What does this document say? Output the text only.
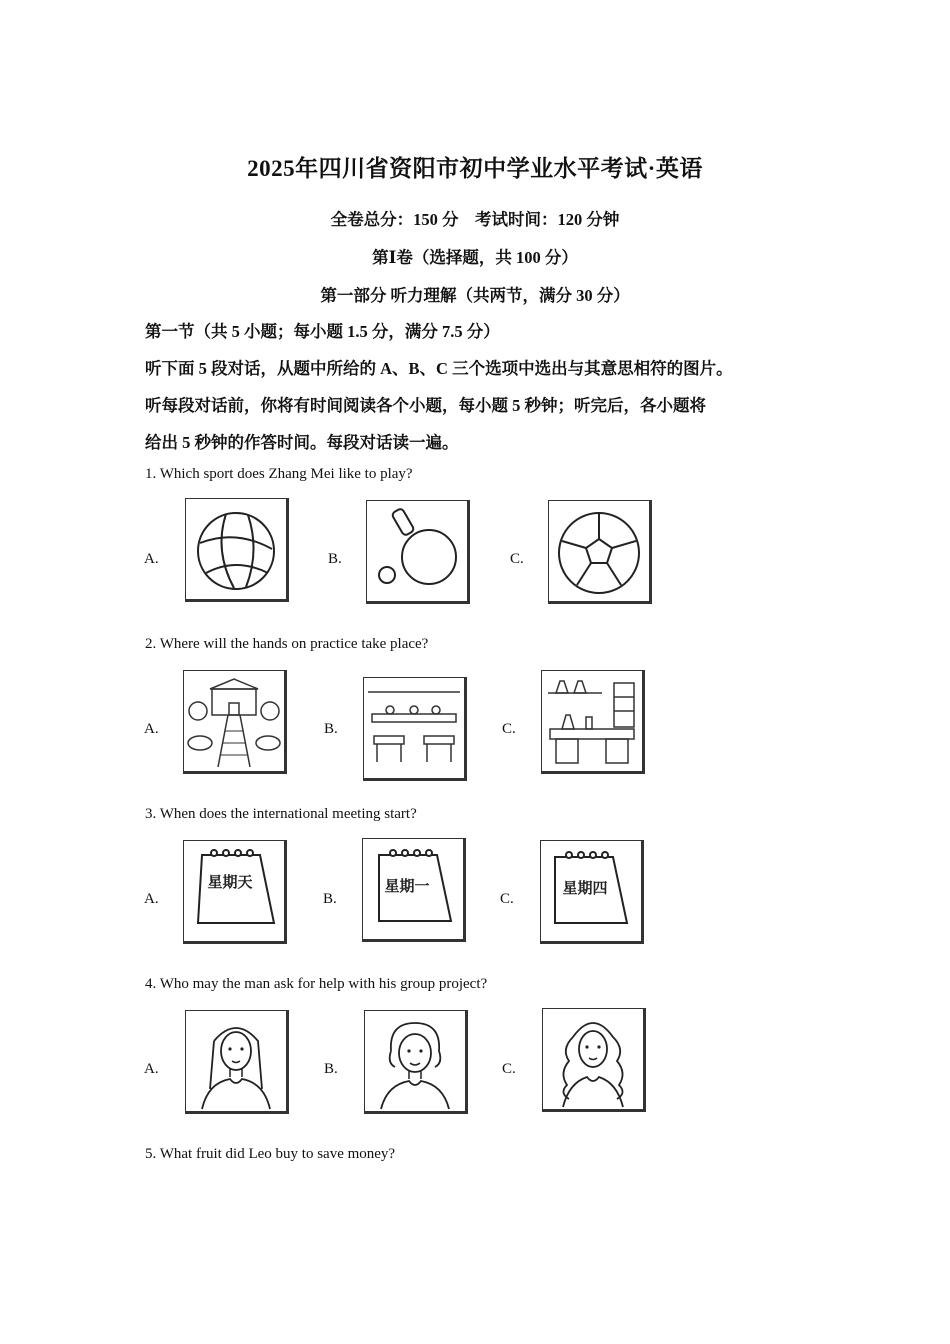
2025年四川省资阳市初中学业水平考试·英语
全卷总分：150 分　考试时间：120 分钟
第Ⅰ卷（选择题，共 100 分）
第一部分 听力理解（共两节，满分 30 分）
第一节（共 5 小题；每小题 1.5 分，满分 7.5 分）
听下面 5 段对话，从题中所给的 A、B、C 三个选项中选出与其意思相符的图片。
听每段对话前，你将有时间阅读各个小题，每小题 5 秒钟；听完后，各小题将
给出 5 秒钟的作答时间。每段对话读一遍。
1. Which sport does Zhang Mei like to play?
A.	B.	C.
2. Where will the hands on practice take place?
A.	B.	C.
3. When does the international meeting start?
A.
星期天
B.
星期一
C.
星期四
4. Who may the man ask for help with his group project?
A.	B.	C.
5. What fruit did Leo buy to save money?
